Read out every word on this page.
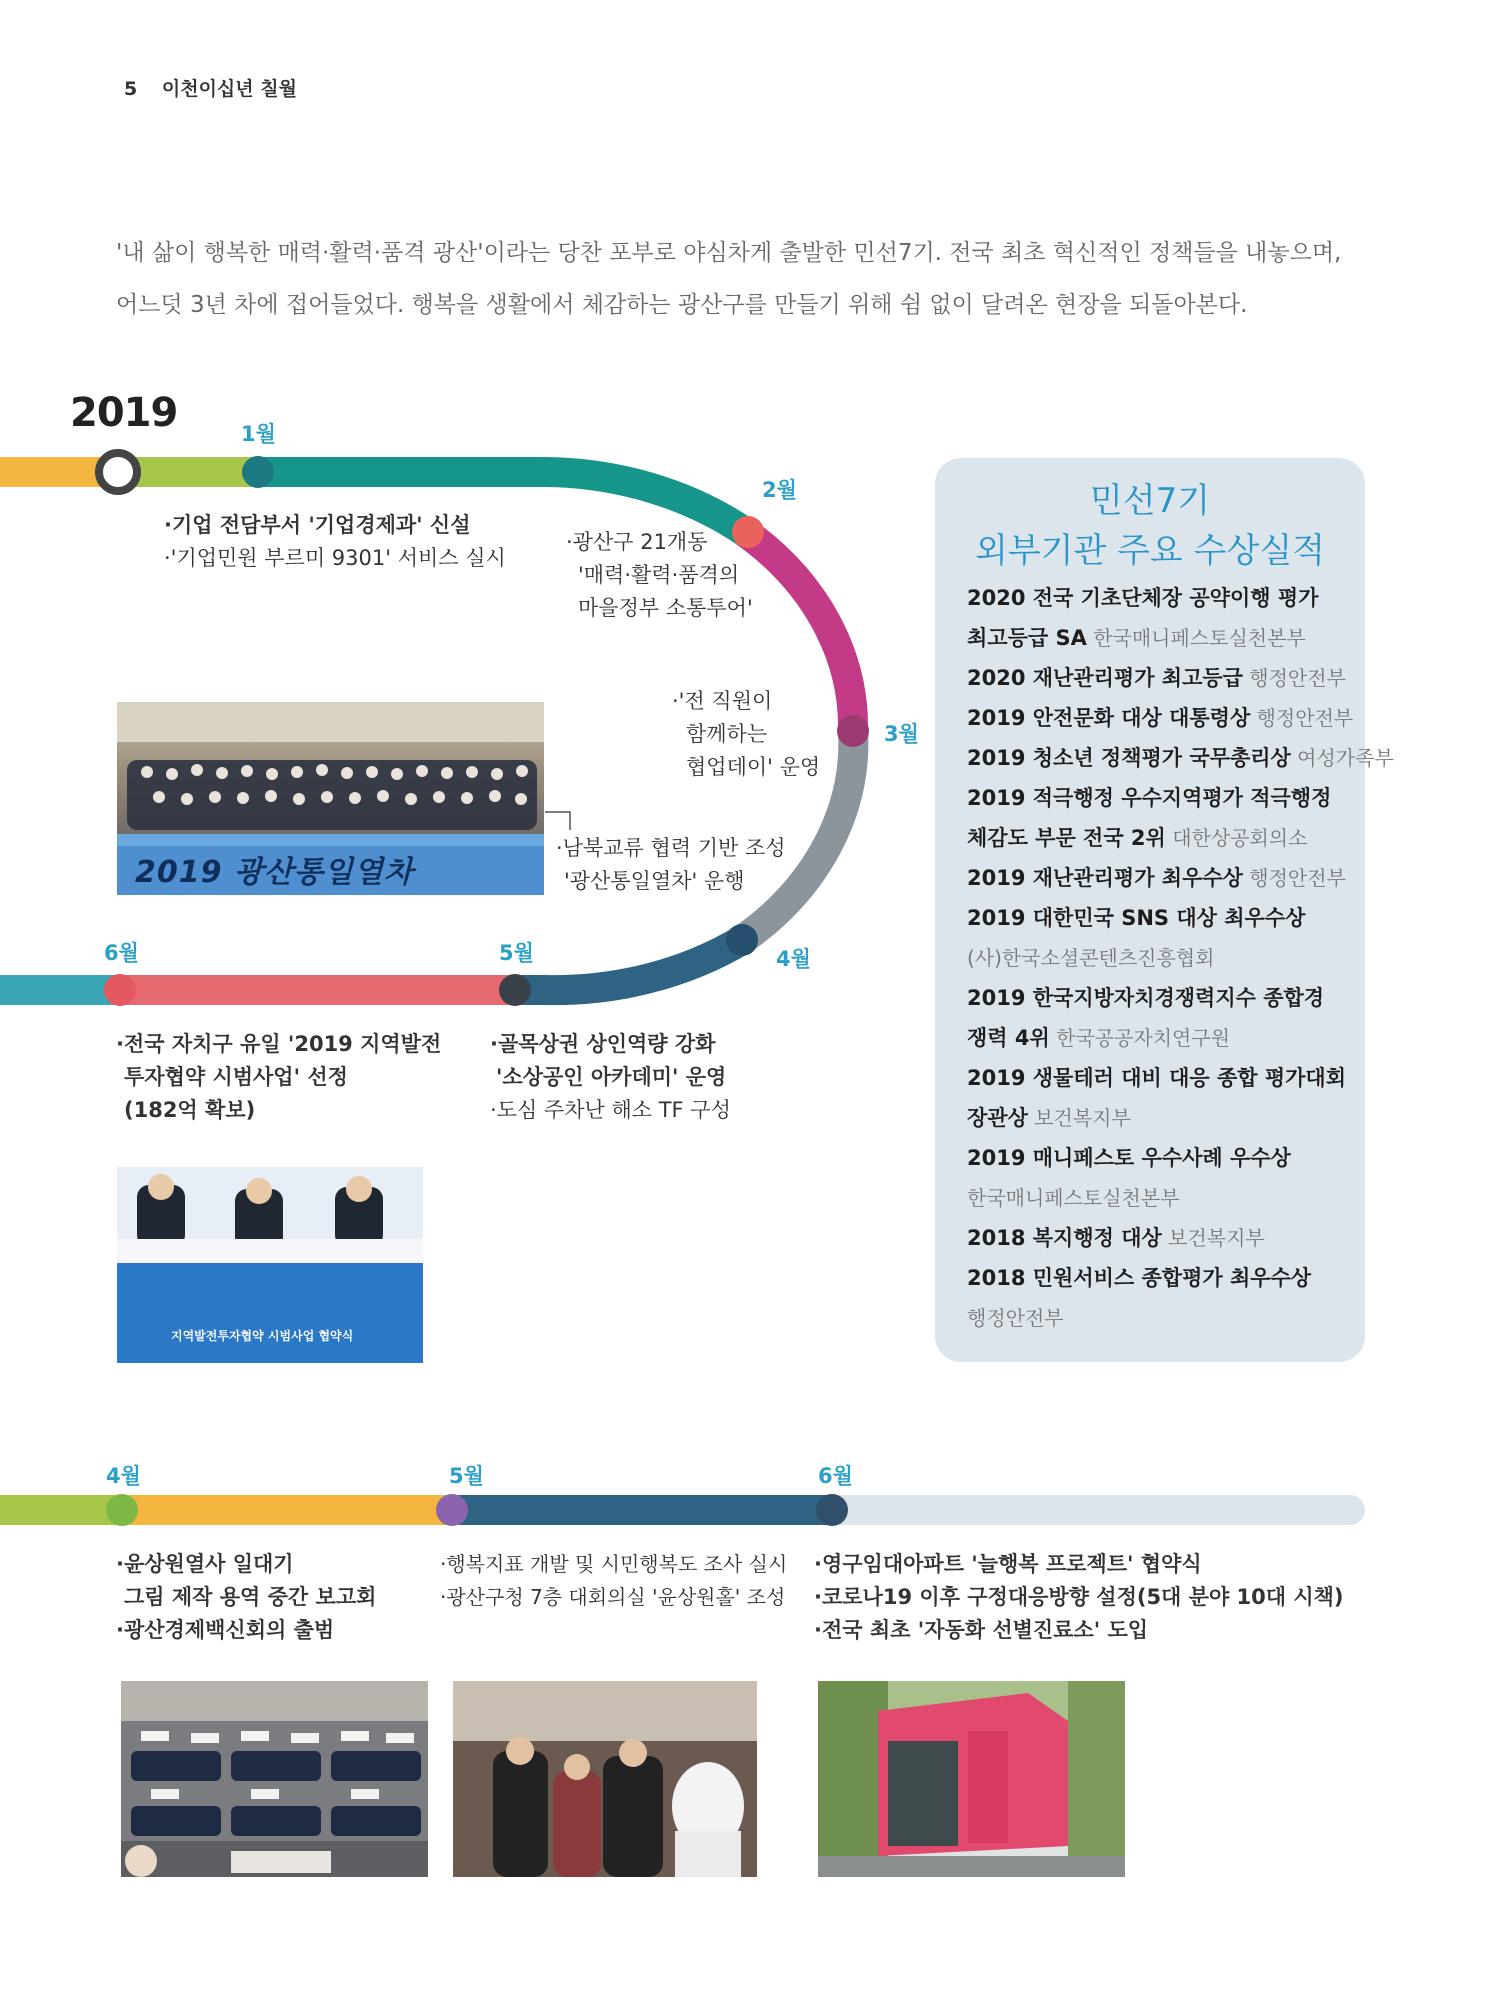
5 이천이십년 칠월
'내 삶이 행복한 매력·활력·품격 광산'이라는 당찬 포부로 야심차게 출발한 민선7기. 전국 최초 혁신적인 정책들을 내놓으며,
어느덧 3년 차에 접어들었다. 행복을 생활에서 체감하는 광산구를 만들기 위해 쉼 없이 달려온 현장을 되돌아본다.
2019	1월
2월
3월
4월
5월
6월
·기업 전담부서 '기업경제과' 신설
·'기업민원 부르미 9301' 서비스 실시
·광산구 21개동
'매력·활력·품격의
마을정부 소통투어'
·'전 직원이
함께하는
협업데이' 운영
·남북교류 협력 기반 조성
'광산통일열차' 운행
·골목상권 상인역량 강화
'소상공인 아카데미' 운영
·도심 주차난 해소 TF 구성
·전국 자치구 유일 '2019 지역발전
투자협약 시범사업' 선정
(182억 확보)
2019 광산통일열차
지역발전투자협약 시범사업 협약식
민선7기
외부기관 주요 수상실적
2020 전국 기초단체장 공약이행 평가
최고등급 SA 한국매니페스토실천본부
2020 재난관리평가 최고등급 행정안전부
2019 안전문화 대상 대통령상 행정안전부
2019 청소년 정책평가 국무총리상 여성가족부
2019 적극행정 우수지역평가 적극행정
체감도 부문 전국 2위 대한상공회의소
2019 재난관리평가 최우수상 행정안전부
2019 대한민국 SNS 대상 최우수상
(사)한국소셜콘텐츠진흥협회
2019 한국지방자치경쟁력지수 종합경
쟁력 4위 한국공공자치연구원
2019 생물테러 대비 대응 종합 평가대회
장관상 보건복지부
2019 매니페스토 우수사례 우수상
한국매니페스토실천본부
2018 복지행정 대상 보건복지부
2018 민원서비스 종합평가 최우수상
행정안전부
4월	5월	6월
·윤상원열사 일대기
그림 제작 용역 중간 보고회
·광산경제백신회의 출범
·행복지표 개발 및 시민행복도 조사 실시
·광산구청 7층 대회의실 '윤상원홀' 조성
·영구임대아파트 '늘행복 프로젝트' 협약식
·코로나19 이후 구정대응방향 설정(5대 분야 10대 시책)
·전국 최초 '자동화 선별진료소' 도입
